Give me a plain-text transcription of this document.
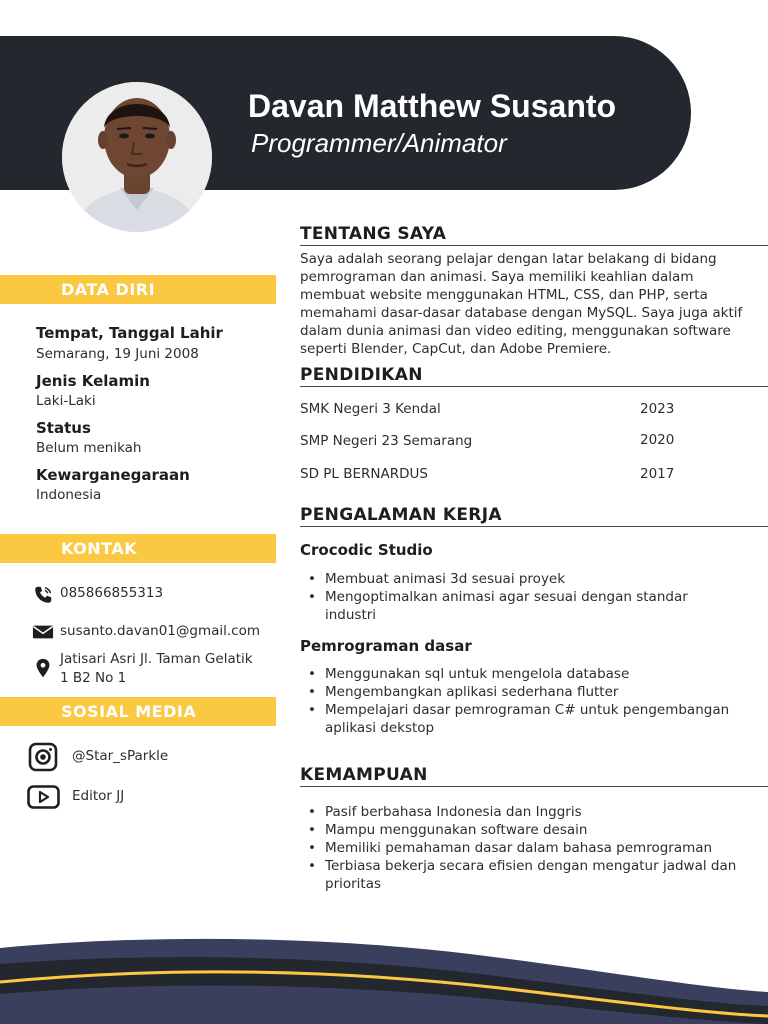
Davan Matthew Susanto
Programmer/Animator
DATA DIRI
Tempat, Tanggal Lahir
Semarang, 19 Juni 2008
Jenis Kelamin
Laki-Laki
Status
Belum menikah
Kewarganegaraan
Indonesia
KONTAK
085866855313
susanto.davan01@gmail.com
Jatisari Asri Jl. Taman Gelatik
1 B2 No 1
SOSIAL MEDIA
@Star_sParkle
Editor JJ
TENTANG SAYA
Saya adalah seorang pelajar dengan latar belakang di bidang pemrograman dan animasi. Saya memiliki keahlian dalam membuat website menggunakan HTML, CSS, dan PHP, serta memahami dasar-dasar database dengan MySQL. Saya juga aktif dalam dunia animasi dan video editing, menggunakan software seperti Blender, CapCut, dan Adobe Premiere.
PENDIDIKAN
SMK Negeri 3 Kendal	2023
SMP Negeri 23 Semarang	2020
SD PL BERNARDUS	2017
PENGALAMAN KERJA
Crocodic Studio
• Membuat animasi 3d sesuai proyek
• Mengoptimalkan animasi agar sesuai dengan standar industri
Pemrograman dasar
• Menggunakan sql untuk mengelola database
• Mengembangkan aplikasi sederhana flutter
• Mempelajari dasar pemrograman C# untuk pengembangan aplikasi dekstop
KEMAMPUAN
• Pasif berbahasa Indonesia dan Inggris
• Mampu menggunakan software desain
• Memiliki pemahaman dasar dalam bahasa pemrograman
• Terbiasa bekerja secara efisien dengan mengatur jadwal dan prioritas
